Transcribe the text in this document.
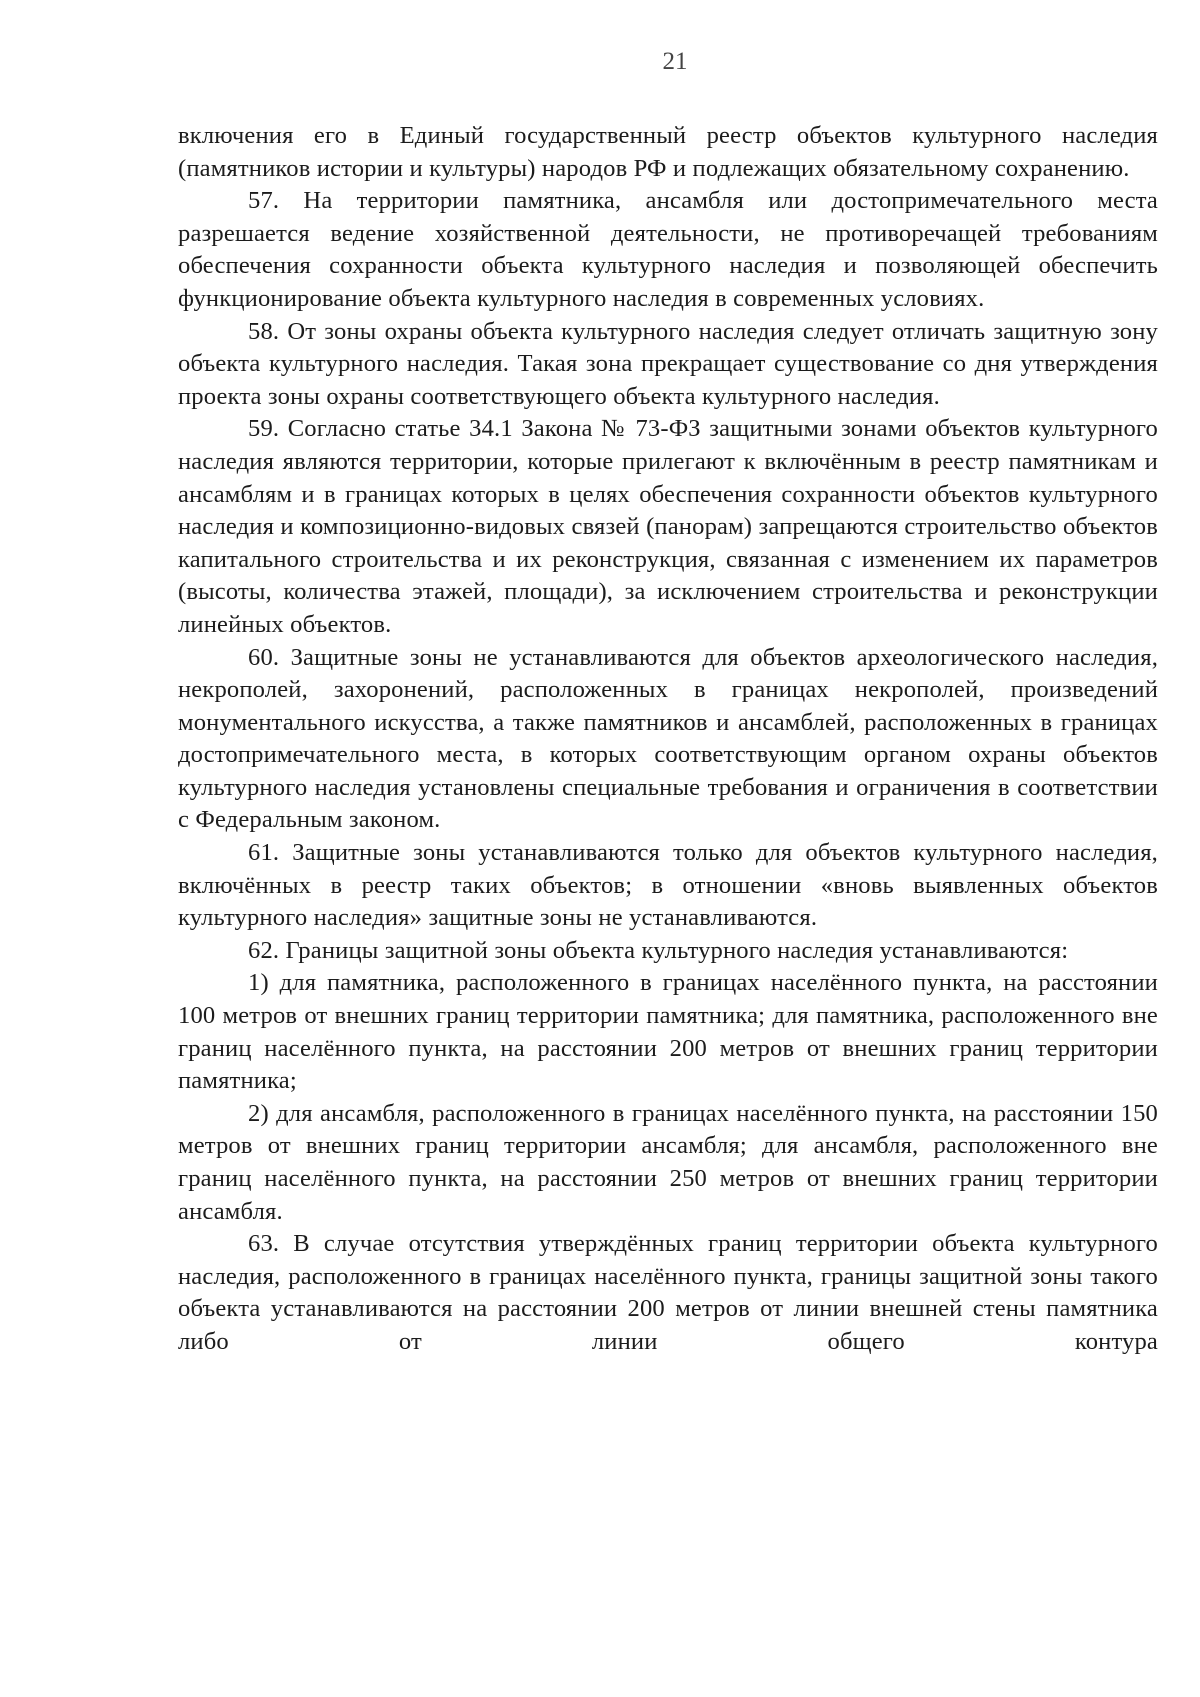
21

включения его в Единый государственный реестр объектов культурного наследия (памятников истории и культуры) народов РФ и подлежащих обязательному сохранению.

57. На территории памятника, ансамбля или достопримечательного места разрешается ведение хозяйственной деятельности, не противоречащей требованиям обеспечения сохранности объекта культурного наследия и позволяющей обеспечить функционирование объекта культурного наследия в современных условиях.

58. От зоны охраны объекта культурного наследия следует отличать защитную зону объекта культурного наследия. Такая зона прекращает существование со дня утверждения проекта зоны охраны соответствующего объекта культурного наследия.

59. Согласно статье 34.1 Закона № 73-ФЗ защитными зонами объектов культурного наследия являются территории, которые прилегают к включённым в реестр памятникам и ансамблям и в границах которых в целях обеспечения сохранности объектов культурного наследия и композиционно-видовых связей (панорам) запрещаются строительство объектов капитального строительства и их реконструкция, связанная с изменением их параметров (высоты, количества этажей, площади), за исключением строительства и реконструкции линейных объектов.

60. Защитные зоны не устанавливаются для объектов археологического наследия, некрополей, захоронений, расположенных в границах некрополей, произведений монументального искусства, а также памятников и ансамблей, расположенных в границах достопримечательного места, в которых соответствующим органом охраны объектов культурного наследия установлены специальные требования и ограничения в соответствии с Федеральным законом.

61. Защитные зоны устанавливаются только для объектов культурного наследия, включённых в реестр таких объектов; в отношении «вновь выявленных объектов культурного наследия» защитные зоны не устанавливаются.

62. Границы защитной зоны объекта культурного наследия устанавливаются:

1) для памятника, расположенного в границах населённого пункта, на расстоянии 100 метров от внешних границ территории памятника; для памятника, расположенного вне границ населённого пункта, на расстоянии 200 метров от внешних границ территории памятника;

2) для ансамбля, расположенного в границах населённого пункта, на расстоянии 150 метров от внешних границ территории ансамбля; для ансамбля, расположенного вне границ населённого пункта, на расстоянии 250 метров от внешних границ территории ансамбля.

63. В случае отсутствия утверждённых границ территории объекта культурного наследия, расположенного в границах населённого пункта, границы защитной зоны такого объекта устанавливаются на расстоянии 200 метров от линии внешней стены памятника либо от линии общего контура
